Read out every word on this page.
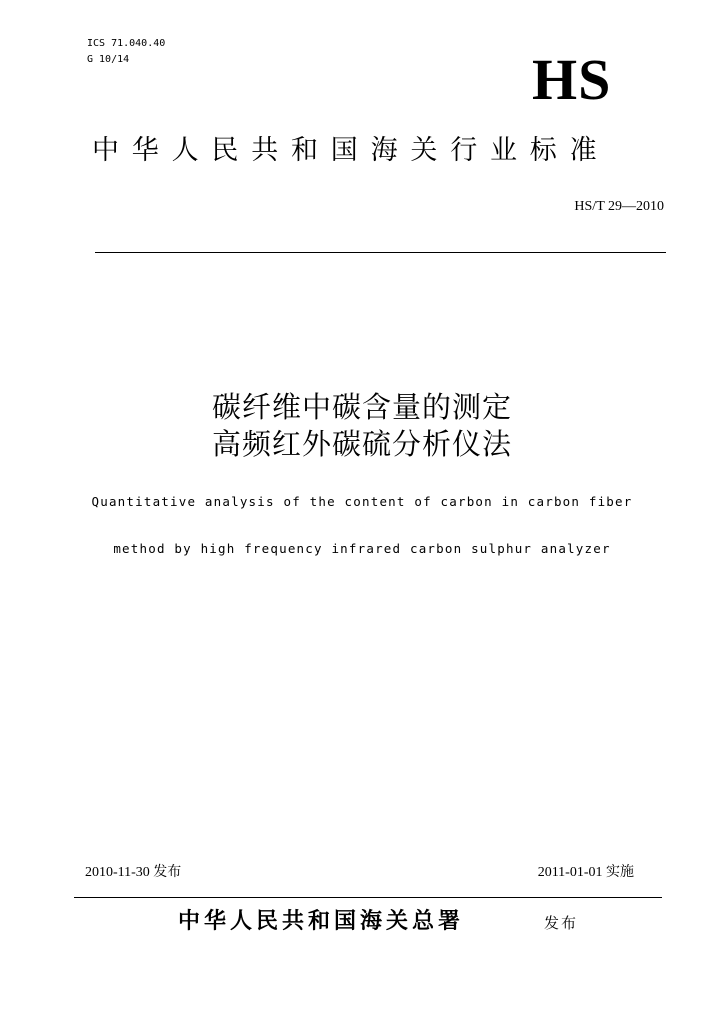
ICS 71.040.40
G 10/14	HS
中华人民共和国海关行业标准
HS/T 29—2010
碳纤维中碳含量的测定
高频红外碳硫分析仪法
Quantitative analysis of the content of carbon in carbon fiber
method by high frequency infrared carbon sulphur analyzer
2010-11-30 发布	2011-01-01 实施
中华人民共和国海关总署	发布
